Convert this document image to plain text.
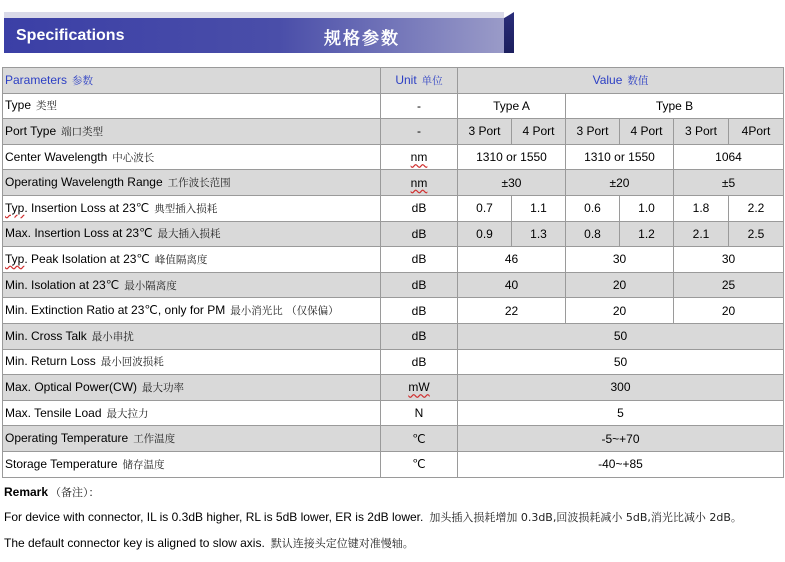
Specifications	规格参数
Parameters 参数	Unit 单位	Value 数值					
Type 类型	-	Type A		Type B			
Port Type 端口类型	-	3 Port	4 Port	3 Port	4 Port	3 Port	4Port
Center Wavelength 中心波长	nm	1310 or 1550		1310 or 1550		1064	
Operating Wavelength Range 工作波长范围	nm	±30		±20		±5	
Typ. Insertion Loss at 23℃ 典型插入损耗	dB	0.7	1.1	0.6	1.0	1.8	2.2
Max. Insertion Loss at 23℃ 最大插入损耗	dB	0.9	1.3	0.8	1.2	2.1	2.5
Typ. Peak Isolation at 23℃ 峰值隔离度	dB	46		30		30	
Min. Isolation at 23℃ 最小隔离度	dB	40		20		25	
Min. Extinction Ratio at 23℃, only for PM 最小消光比 （仅保偏）	dB	22		20		20	
Min. Cross Talk 最小串扰	dB	50					
Min. Return Loss 最小回波损耗	dB	50					
Max. Optical Power(CW) 最大功率	mW	300					
Max. Tensile Load 最大拉力	N	5					
Operating Temperature 工作温度	℃	-5~+70					
Storage Temperature 储存温度	℃	-40~+85					
Remark （备注）：
For device with connector, IL is 0.3dB higher, RL is 5dB lower, ER is 2dB lower. 加头插入损耗增加 0.3dB,回波损耗减小 5dB,消光比减小 2dB。
The default connector key is aligned to slow axis. 默认连接头定位键对准慢轴。
